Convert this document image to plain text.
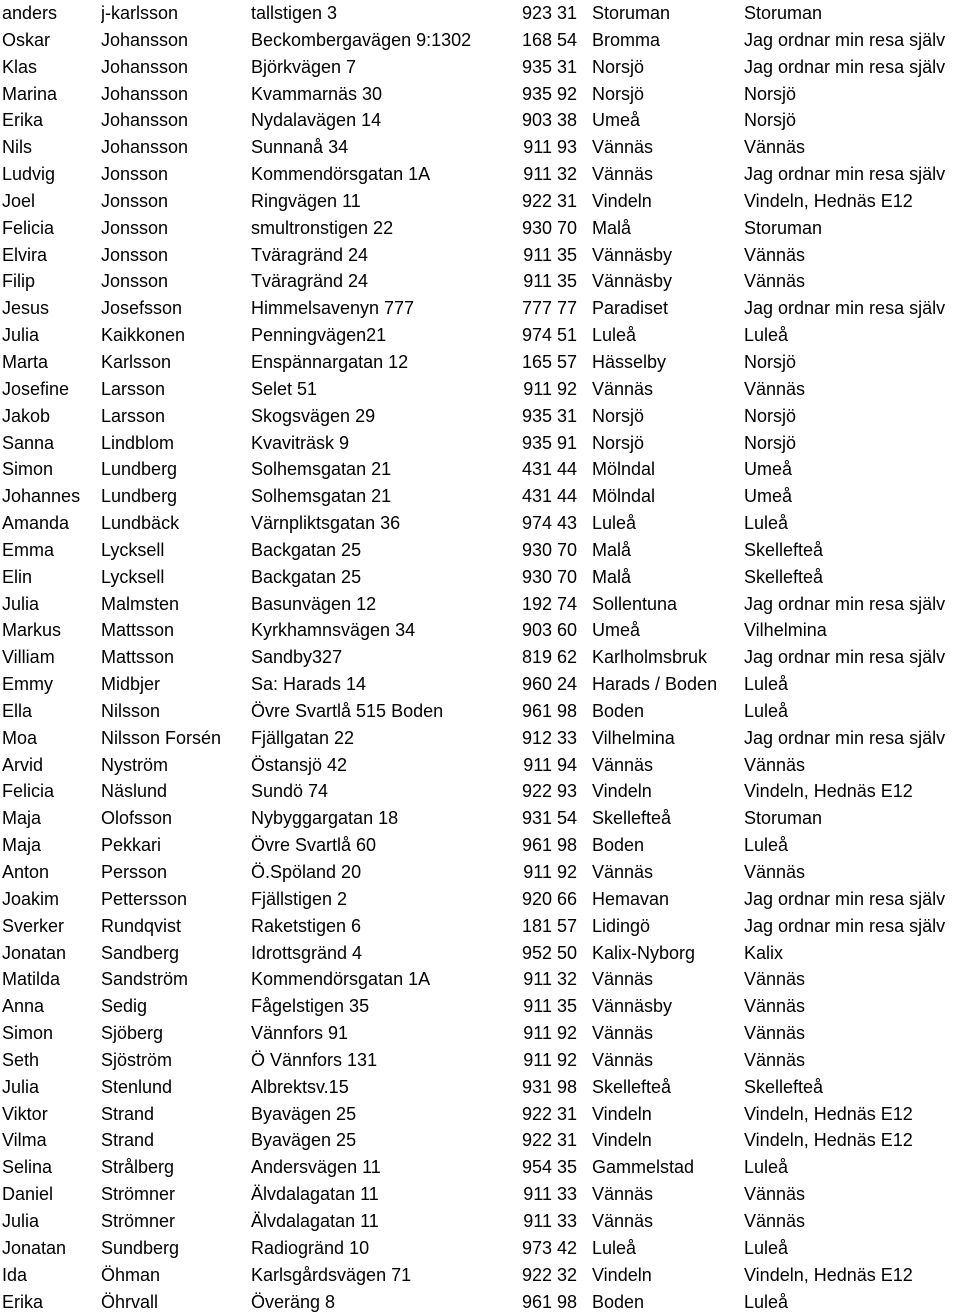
anders	j-karlsson	tallstigen 3	923 31	Storuman	Storuman
Oskar	Johansson	Beckombergavägen 9:1302	168 54	Bromma	Jag ordnar min resa själv
Klas	Johansson	Björkvägen 7	935 31	Norsjö	Jag ordnar min resa själv
Marina	Johansson	Kvammarnäs 30	935 92	Norsjö	Norsjö
Erika	Johansson	Nydalavägen 14	903 38	Umeå	Norsjö
Nils	Johansson	Sunnanå 34	911 93	Vännäs	Vännäs
Ludvig	Jonsson	Kommendörsgatan 1A	911 32	Vännäs	Jag ordnar min resa själv
Joel	Jonsson	Ringvägen 11	922 31	Vindeln	Vindeln, Hednäs E12
Felicia	Jonsson	smultronstigen 22	930 70	Malå	Storuman
Elvira	Jonsson	Tväragränd 24	911 35	Vännäsby	Vännäs
Filip	Jonsson	Tväragränd 24	911 35	Vännäsby	Vännäs
Jesus	Josefsson	Himmelsavenyn 777	777 77	Paradiset	Jag ordnar min resa själv
Julia	Kaikkonen	Penningvägen21	974 51	Luleå	Luleå
Marta	Karlsson	Enspännargatan 12	165 57	Hässelby	Norsjö
Josefine	Larsson	Selet 51	911 92	Vännäs	Vännäs
Jakob	Larsson	Skogsvägen 29	935 31	Norsjö	Norsjö
Sanna	Lindblom	Kvaviträsk 9	935 91	Norsjö	Norsjö
Simon	Lundberg	Solhemsgatan 21	431 44	Mölndal	Umeå
Johannes	Lundberg	Solhemsgatan 21	431 44	Mölndal	Umeå
Amanda	Lundbäck	Värnpliktsgatan 36	974 43	Luleå	Luleå
Emma	Lycksell	Backgatan 25	930 70	Malå	Skellefteå
Elin	Lycksell	Backgatan 25	930 70	Malå	Skellefteå
Julia	Malmsten	Basunvägen 12	192 74	Sollentuna	Jag ordnar min resa själv
Markus	Mattsson	Kyrkhamnsvägen 34	903 60	Umeå	Vilhelmina
Villiam	Mattsson	Sandby327	819 62	Karlholmsbruk	Jag ordnar min resa själv
Emmy	Midbjer	Sa: Harads 14	960 24	Harads / Boden	Luleå
Ella	Nilsson	Övre Svartlå 515 Boden	961 98	Boden	Luleå
Moa	Nilsson Forsén	Fjällgatan 22	912 33	Vilhelmina	Jag ordnar min resa själv
Arvid	Nyström	Östansjö 42	911 94	Vännäs	Vännäs
Felicia	Näslund	Sundö 74	922 93	Vindeln	Vindeln, Hednäs E12
Maja	Olofsson	Nybyggargatan 18	931 54	Skellefteå	Storuman
Maja	Pekkari	Övre Svartlå 60	961 98	Boden	Luleå
Anton	Persson	Ö.Spöland 20	911 92	Vännäs	Vännäs
Joakim	Pettersson	Fjällstigen 2	920 66	Hemavan	Jag ordnar min resa själv
Sverker	Rundqvist	Raketstigen 6	181 57	Lidingö	Jag ordnar min resa själv
Jonatan	Sandberg	Idrottsgränd 4	952 50	Kalix-Nyborg	Kalix
Matilda	Sandström	Kommendörsgatan 1A	911 32	Vännäs	Vännäs
Anna	Sedig	Fågelstigen 35	911 35	Vännäsby	Vännäs
Simon	Sjöberg	Vännfors 91	911 92	Vännäs	Vännäs
Seth	Sjöström	Ö Vännfors 131	911 92	Vännäs	Vännäs
Julia	Stenlund	Albrektsv.15	931 98	Skellefteå	Skellefteå
Viktor	Strand	Byavägen 25	922 31	Vindeln	Vindeln, Hednäs E12
Vilma	Strand	Byavägen 25	922 31	Vindeln	Vindeln, Hednäs E12
Selina	Strålberg	Andersvägen 11	954 35	Gammelstad	Luleå
Daniel	Strömner	Älvdalagatan 11	911 33	Vännäs	Vännäs
Julia	Strömner	Älvdalagatan 11	911 33	Vännäs	Vännäs
Jonatan	Sundberg	Radiogränd 10	973 42	Luleå	Luleå
Ida	Öhman	Karlsgårdsvägen 71	922 32	Vindeln	Vindeln, Hednäs E12
Erika	Öhrvall	Överäng 8	961 98	Boden	Luleå
